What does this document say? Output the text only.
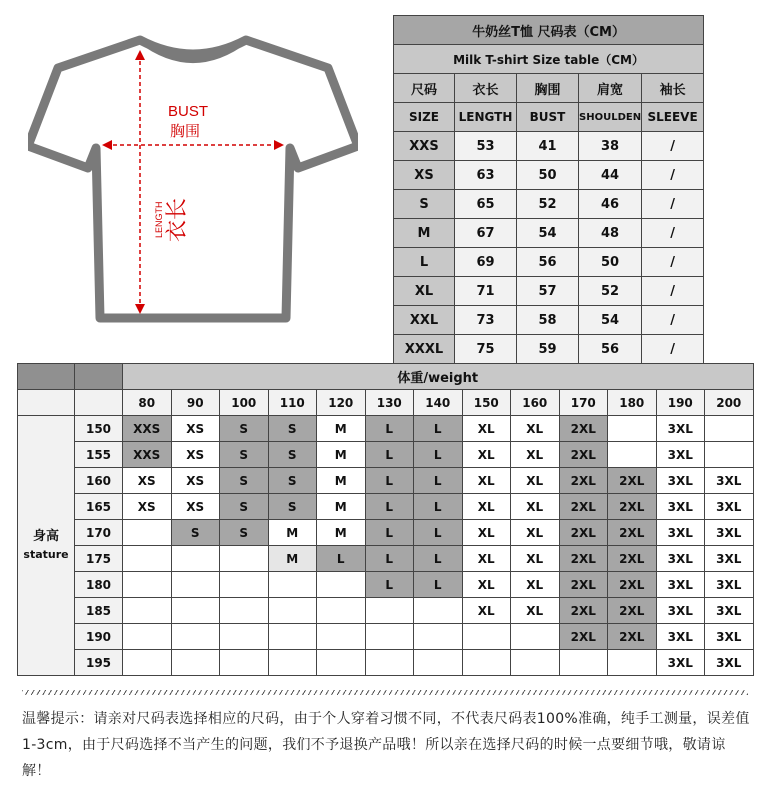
BUST
胸围
LENGTH 衣长
牛奶丝T恤 尺码表（CM）				
Milk T-shirt Size table（CM）				
尺码	衣长	胸围	肩宽	袖长
SIZE	LENGTH	BUST	SHOULDEN	SLEEVE
XXS	53	41	38	/
XS	63	50	44	/
S	65	52	46	/
M	67	54	48	/
L	69	56	50	/
XL	71	57	52	/
XXL	73	58	54	/
XXXL	75	59	56	/
		体重/weight												
		80	90	100	110	120	130	140	150	160	170	180	190	200

身高
stature	150	XXS	XS	S	S	M	L	L	XL	XL	2XL		3XL	
	155	XXS	XS	S	S	M	L	L	XL	XL	2XL		3XL	
	160	XS	XS	S	S	M	L	L	XL	XL	2XL	2XL	3XL	3XL
	165	XS	XS	S	S	M	L	L	XL	XL	2XL	2XL	3XL	3XL
	170		S	S	M	M	L	L	XL	XL	2XL	2XL	3XL	3XL
	175				M	L	L	L	XL	XL	2XL	2XL	3XL	3XL
	180						L	L	XL	XL	2XL	2XL	3XL	3XL
	185								XL	XL	2XL	2XL	3XL	3XL
	190										2XL	2XL	3XL	3XL
	195												3XL	3XL
温馨提示：请亲对尺码表选择相应的尺码，由于个人穿着习惯不同，不代表尺码表100%准确，纯手工测量，误差值1-3cm，由于尺码选择不当产生的问题，我们不予退换产品哦！所以亲在选择尺码的时候一点要细节哦，敬请谅解！
